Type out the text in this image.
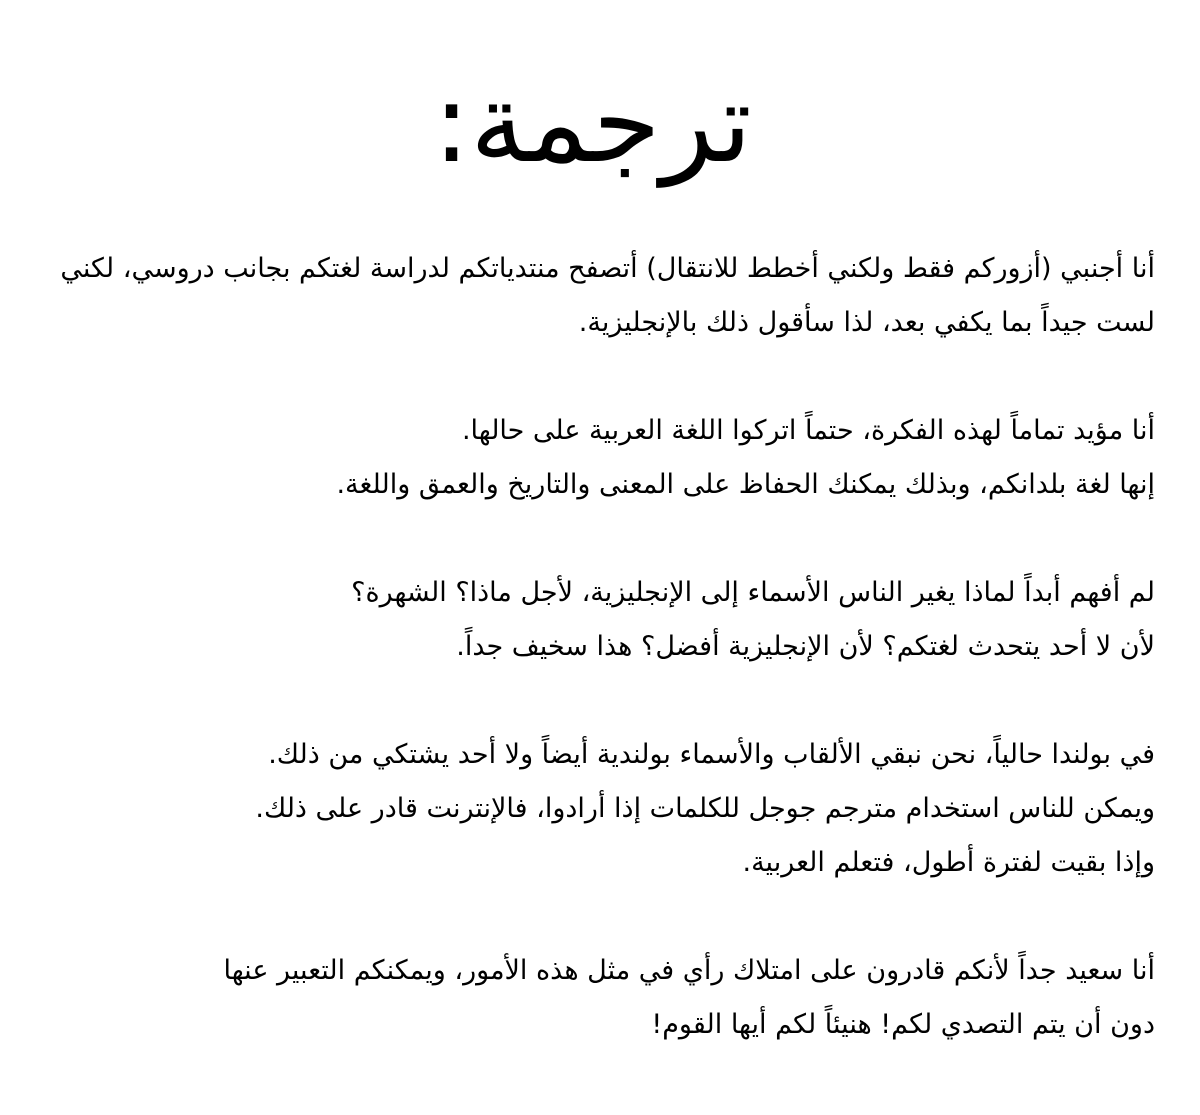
ترجمة:

أنا أجنبي (أزوركم فقط ولكني أخطط للانتقال) أتصفح منتدياتكم لدراسة لغتكم بجانب دروسي، لكني
لست جيداً بما يكفي بعد، لذا سأقول ذلك بالإنجليزية.

أنا مؤيد تماماً لهذه الفكرة، حتماً اتركوا اللغة العربية على حالها.
إنها لغة بلدانكم، وبذلك يمكنك الحفاظ على المعنى والتاريخ والعمق واللغة.

لم أفهم أبداً لماذا يغير الناس الأسماء إلى الإنجليزية، لأجل ماذا؟ الشهرة؟
لأن لا أحد يتحدث لغتكم؟ لأن الإنجليزية أفضل؟ هذا سخيف جداً.

في بولندا حالياً، نحن نبقي الألقاب والأسماء بولندية أيضاً ولا أحد يشتكي من ذلك.
ويمكن للناس استخدام مترجم جوجل للكلمات إذا أرادوا، فالإنترنت قادر على ذلك.
وإذا بقيت لفترة أطول، فتعلم العربية.

أنا سعيد جداً لأنكم قادرون على امتلاك رأي في مثل هذه الأمور، ويمكنكم التعبير عنها
دون أن يتم التصدي لكم! هنيئاً لكم أيها القوم!
